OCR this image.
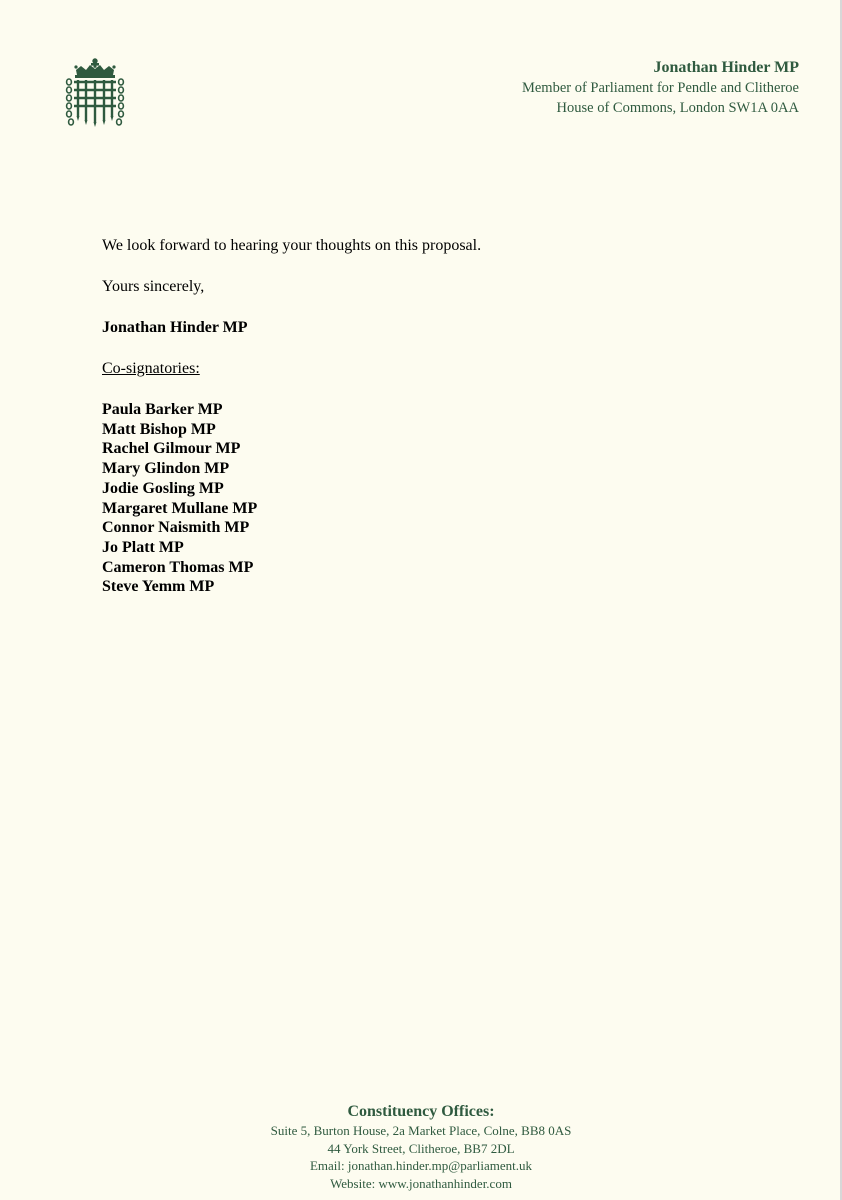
Jonathan Hinder MP
Member of Parliament for Pendle and Clitheroe
House of Commons, London SW1A 0AA

We look forward to hearing your thoughts on this proposal.

Yours sincerely,

Jonathan Hinder MP

Co-signatories:

Paula Barker MP
Matt Bishop MP
Rachel Gilmour MP
Mary Glindon MP
Jodie Gosling MP
Margaret Mullane MP
Connor Naismith MP
Jo Platt MP
Cameron Thomas MP
Steve Yemm MP
Constituency Offices:
Suite 5, Burton House, 2a Market Place, Colne, BB8 0AS
44 York Street, Clitheroe, BB7 2DL
Email: jonathan.hinder.mp@parliament.uk
Website: www.jonathanhinder.com
